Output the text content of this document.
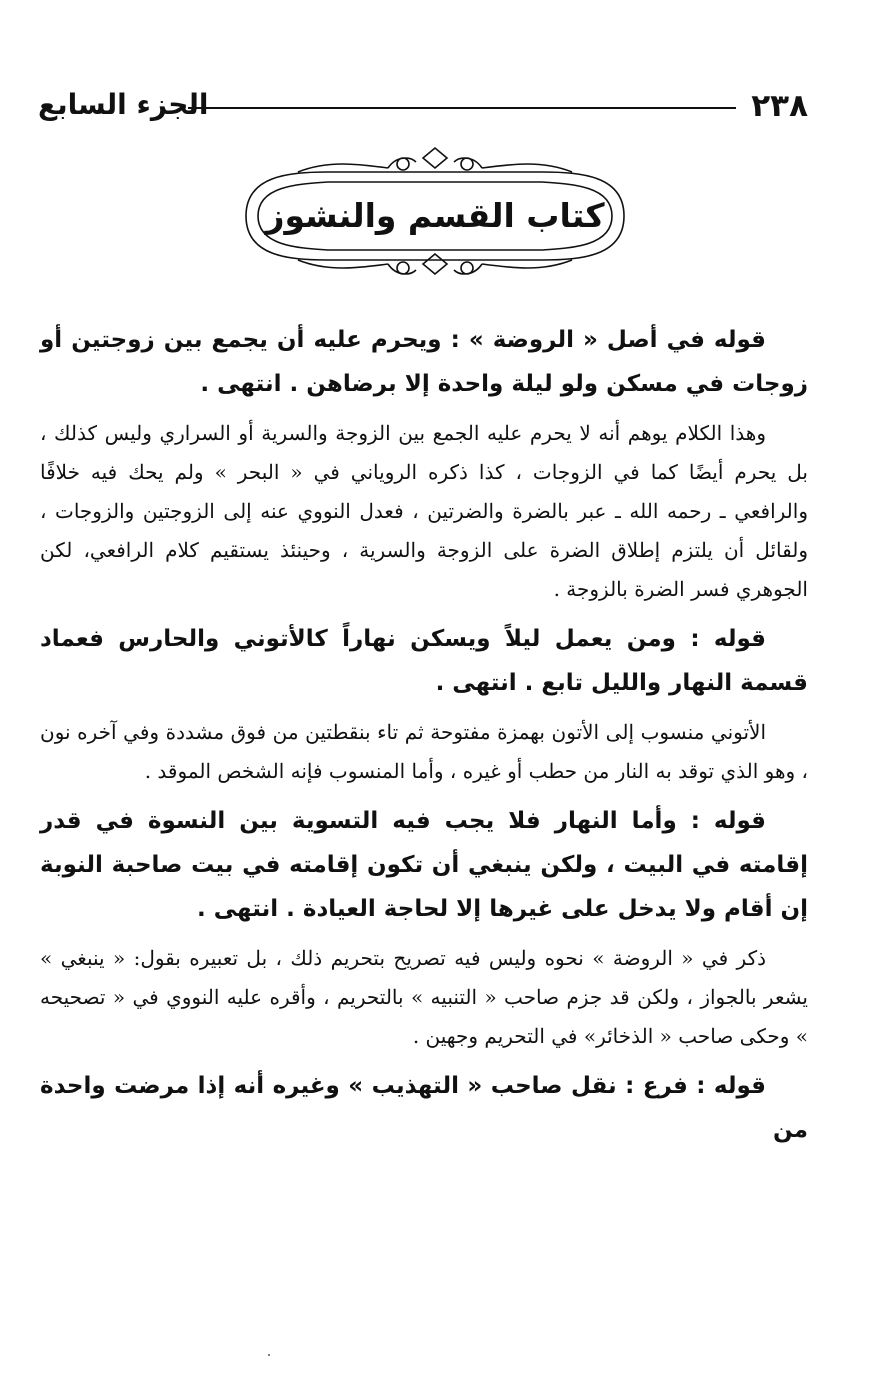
٢٣٨
الجزء السابع
كتاب القسم والنشوز

قوله في أصل « الروضة » : ويحرم عليه أن يجمع بين زوجتين أو زوجات في مسكن ولو ليلة واحدة إلا برضاهن . انتهى .

وهذا الكلام يوهم أنه لا يحرم عليه الجمع بين الزوجة والسرية أو السراري وليس كذلك ، بل يحرم أيضًا كما في الزوجات ، كذا ذكره الروياني في « البحر » ولم يحك فيه خلافًا والرافعي ـ رحمه الله ـ عبر بالضرة والضرتين ، فعدل النووي عنه إلى الزوجتين والزوجات ، ولقائل أن يلتزم إطلاق الضرة على الزوجة والسرية ، وحينئذ يستقيم كلام الرافعي، لكن الجوهري فسر الضرة بالزوجة .

قوله : ومن يعمل ليلاً ويسكن نهاراً كالأتوني والحارس فعماد قسمة النهار والليل تابع . انتهى .

الأتوني منسوب إلى الأتون بهمزة مفتوحة ثم تاء بنقطتين من فوق مشددة وفي آخره نون ، وهو الذي توقد به النار من حطب أو غيره ، وأما المنسوب فإنه الشخص الموقد .

قوله : وأما النهار فلا يجب فيه التسوية بين النسوة في قدر إقامته في البيت ، ولكن ينبغي أن تكون إقامته في بيت صاحبة النوبة إن أقام ولا يدخل على غيرها إلا لحاجة العيادة . انتهى .

ذكر في « الروضة » نحوه وليس فيه تصريح بتحريم ذلك ، بل تعبيره بقول: « ينبغي » يشعر بالجواز ، ولكن قد جزم صاحب « التنبيه » بالتحريم ، وأقره عليه النووي في « تصحيحه » وحكى صاحب « الذخائر» في التحريم وجهين .

قوله : فرع : نقل صاحب « التهذيب » وغيره أنه إذا مرضت واحدة من
